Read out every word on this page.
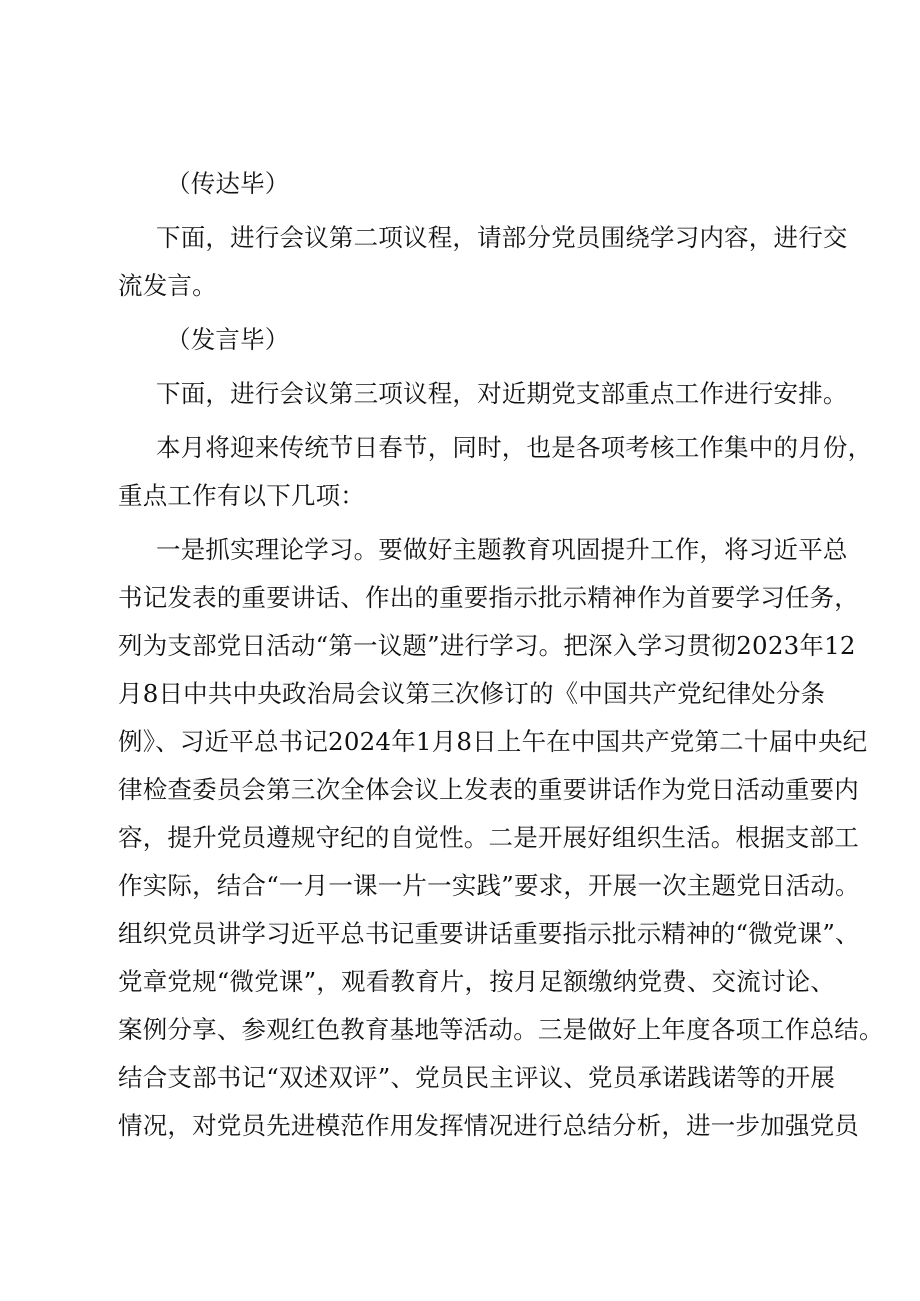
（传达毕）
下面，进行会议第二项议程，请部分党员围绕学习内容，进行交
流发言。
（发言毕）
下面，进行会议第三项议程，对近期党支部重点工作进行安排。
本月将迎来传统节日春节，同时，也是各项考核工作集中的月份，
重点工作有以下几项：
一是抓实理论学习。要做好主题教育巩固提升工作，将习近平总
书记发表的重要讲话、作出的重要指示批示精神作为首要学习任务，
列为支部党日活动“第一议题”进行学习。把深入学习贯彻2023年12
月8日中共中央政治局会议第三次修订的《中国共产党纪律处分条
例》、习近平总书记2024年1月8日上午在中国共产党第二十届中央纪
律检查委员会第三次全体会议上发表的重要讲话作为党日活动重要内
容，提升党员遵规守纪的自觉性。二是开展好组织生活。根据支部工
作实际，结合“一月一课一片一实践”要求，开展一次主题党日活动。
组织党员讲学习近平总书记重要讲话重要指示批示精神的“微党课”、
党章党规“微党课”，观看教育片，按月足额缴纳党费、交流讨论、
案例分享、参观红色教育基地等活动。三是做好上年度各项工作总结。
结合支部书记“双述双评”、党员民主评议、党员承诺践诺等的开展
情况，对党员先进模范作用发挥情况进行总结分析，进一步加强党员
